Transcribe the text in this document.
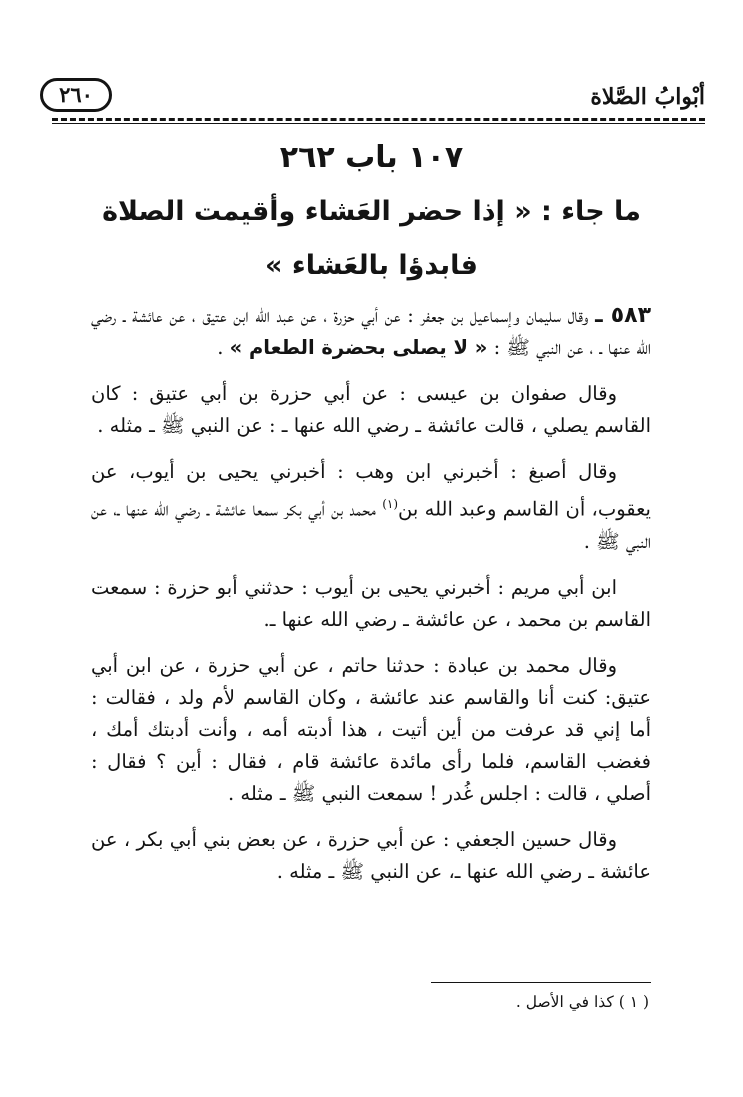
أبْوابُ الصَّلاة
٢٦٠
١٠٧ باب ٢٦٢
ما جاء : « إذا حضر العَشاء وأقيمت الصلاة
فابدؤا بالعَشاء »

٥٨٣ ـ وقال سليمان وإسماعيل بن جعفر : عن أبي حزرة ، عن عبد الله ابن عتيق ، عن عائشة ـ رضي الله عنها ـ ، عن النبي ﷺ : « لا يصلى بحضرة الطعام » .

وقال صفوان بن عيسى : عن أبي حزرة بن أبي عتيق : كان القاسم يصلي ، قالت عائشة ـ رضي الله عنها ـ : عن النبي ﷺ ـ مثله .

وقال أصبغ : أخبرني ابن وهب : أخبرني يحيى بن أيوب، عن يعقوب، أن القاسم وعبد الله بن$^{(١)}$ محمد بن أبي بكر سمعا عائشة ـ رضي الله عنها ـ، عن النبي ﷺ .

ابن أبي مريم : أخبرني يحيى بن أيوب : حدثني أبو حزرة : سمعت القاسم بن محمد ، عن عائشة ـ رضي الله عنها ـ.

وقال محمد بن عبادة : حدثنا حاتم ، عن أبي حزرة ، عن ابن أبي عتيق: كنت أنا والقاسم عند عائشة ، وكان القاسم لأم ولد ، فقالت : أما إني قد عرفت من أين أتيت ، هذا أدبته أمه ، وأنت أدبتك أمك ، فغضب القاسم، فلما رأى مائدة عائشة قام ، فقال : أين ؟ فقال : أصلي ، قالت : اجلس غُدر ! سمعت النبي ﷺ ـ مثله .

وقال حسين الجعفي : عن أبي حزرة ، عن بعض بني أبي بكر ، عن عائشة ـ رضي الله عنها ـ، عن النبي ﷺ ـ مثله .

( ١ ) كذا في الأصل .
